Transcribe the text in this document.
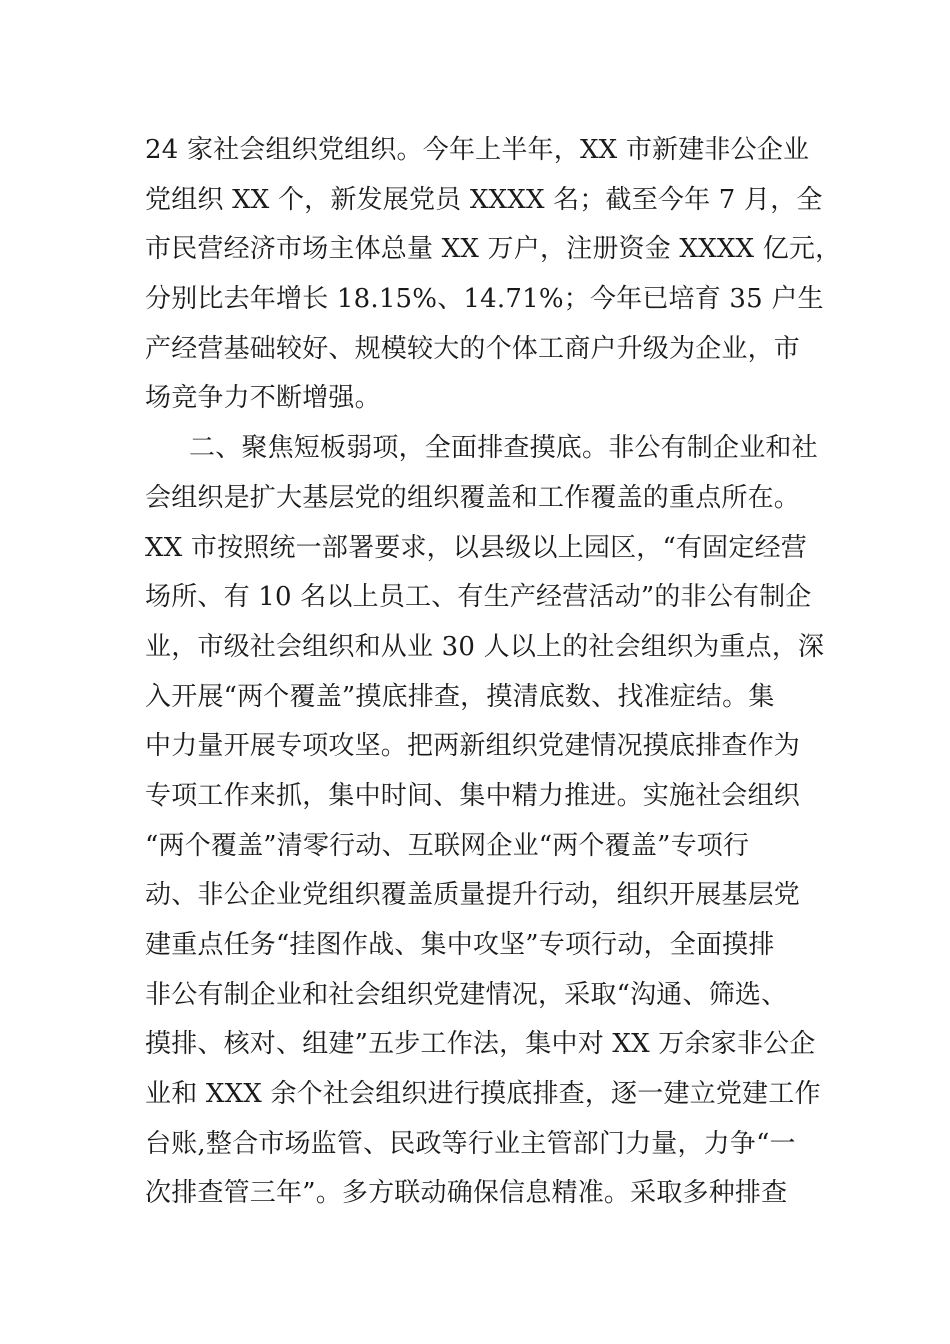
24 家社会组织党组织。今年上半年，XX 市新建非公企业
党组织 XX 个，新发展党员 XXXX 名；截至今年 7 月，全
市民营经济市场主体总量 XX 万户，注册资金 XXXX 亿元，
分别比去年增长 18.15%、14.71%；今年已培育 35 户生
产经营基础较好、规模较大的个体工商户升级为企业，市
场竞争力不断增强。
二、聚焦短板弱项，全面排查摸底。非公有制企业和社
会组织是扩大基层党的组织覆盖和工作覆盖的重点所在。
XX 市按照统一部署要求，以县级以上园区，“有固定经营
场所、有 10 名以上员工、有生产经营活动”的非公有制企
业，市级社会组织和从业 30 人以上的社会组织为重点，深
入开展“两个覆盖”摸底排查，摸清底数、找准症结。集
中力量开展专项攻坚。把两新组织党建情况摸底排查作为
专项工作来抓，集中时间、集中精力推进。实施社会组织
“两个覆盖”清零行动、互联网企业“两个覆盖”专项行
动、非公企业党组织覆盖质量提升行动，组织开展基层党
建重点任务“挂图作战、集中攻坚”专项行动，全面摸排
非公有制企业和社会组织党建情况，采取“沟通、筛选、
摸排、核对、组建”五步工作法，集中对 XX 万余家非公企
业和 XXX 余个社会组织进行摸底排查，逐一建立党建工作
台账,整合市场监管、民政等行业主管部门力量，力争“一
次排查管三年”。多方联动确保信息精准。采取多种排查
